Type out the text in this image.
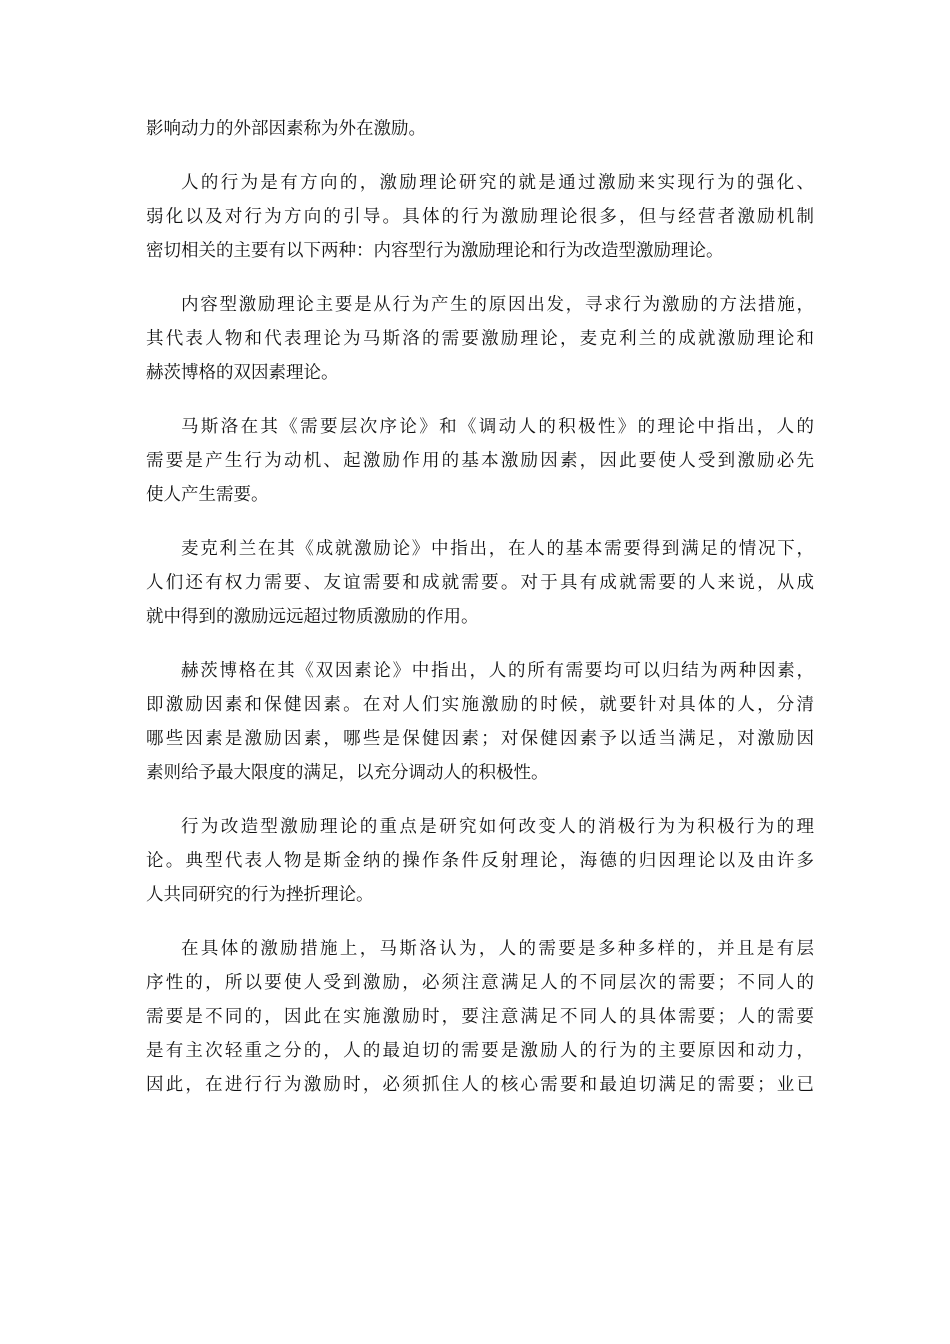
影响动力的外部因素称为外在激励。
人的行为是有方向的，激励理论研究的就是通过激励来实现行为的强化、
弱化以及对行为方向的引导。具体的行为激励理论很多，但与经营者激励机制
密切相关的主要有以下两种：内容型行为激励理论和行为改造型激励理论。
内容型激励理论主要是从行为产生的原因出发，寻求行为激励的方法措施，
其代表人物和代表理论为马斯洛的需要激励理论，麦克利兰的成就激励理论和
赫茨博格的双因素理论。
马斯洛在其《需要层次序论》和《调动人的积极性》的理论中指出，人的
需要是产生行为动机、起激励作用的基本激励因素，因此要使人受到激励必先
使人产生需要。
麦克利兰在其《成就激励论》中指出，在人的基本需要得到满足的情况下，
人们还有权力需要、友谊需要和成就需要。对于具有成就需要的人来说，从成
就中得到的激励远远超过物质激励的作用。
赫茨博格在其《双因素论》中指出，人的所有需要均可以归结为两种因素，
即激励因素和保健因素。在对人们实施激励的时候，就要针对具体的人，分清
哪些因素是激励因素，哪些是保健因素；对保健因素予以适当满足，对激励因
素则给予最大限度的满足，以充分调动人的积极性。
行为改造型激励理论的重点是研究如何改变人的消极行为为积极行为的理
论。典型代表人物是斯金纳的操作条件反射理论，海德的归因理论以及由许多
人共同研究的行为挫折理论。
在具体的激励措施上，马斯洛认为，人的需要是多种多样的，并且是有层
序性的，所以要使人受到激励，必须注意满足人的不同层次的需要；不同人的
需要是不同的，因此在实施激励时，要注意满足不同人的具体需要；人的需要
是有主次轻重之分的，人的最迫切的需要是激励人的行为的主要原因和动力，
因此，在进行行为激励时，必须抓住人的核心需要和最迫切满足的需要；业已
